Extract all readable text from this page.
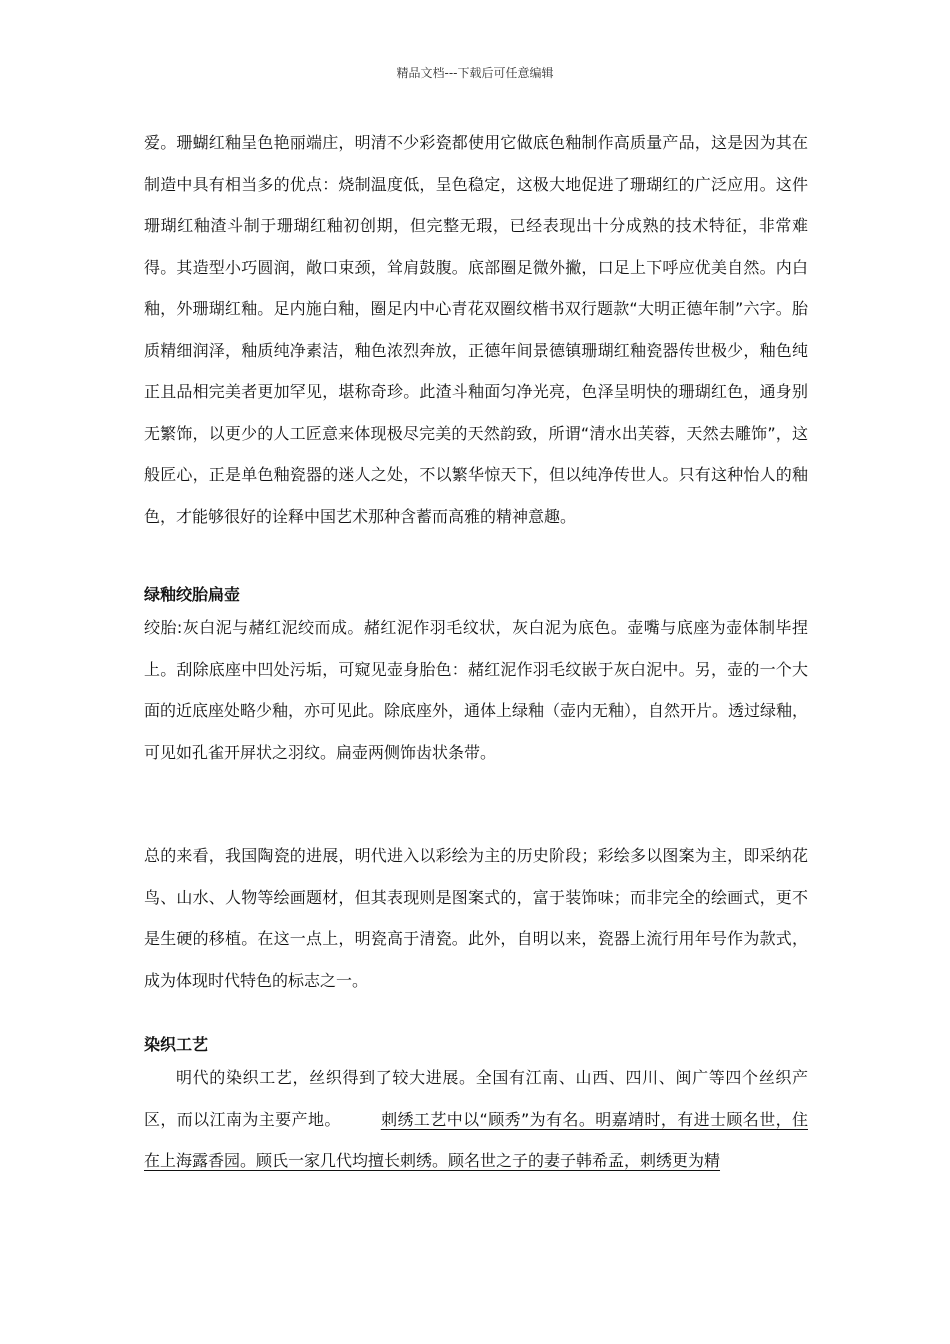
精品文档---下载后可任意编辑

爱。珊蝴红釉呈色艳丽端庄，明清不少彩瓷都使用它做底色釉制作高质量产品，这是因为其在制造中具有相当多的优点：烧制温度低，呈色稳定，这极大地促进了珊瑚红的广泛应用。这件珊瑚红釉渣斗制于珊瑚红釉初创期，但完整无瑕，已经表现出十分成熟的技术特征，非常难得。其造型小巧圆润，敞口束颈，耸肩鼓腹。底部圈足微外撇，口足上下呼应优美自然。内白釉，外珊瑚红釉。足内施白釉，圈足内中心青花双圈纹楷书双行题款“大明正德年制”六字。胎质精细润泽，釉质纯净素洁，釉色浓烈奔放，正德年间景德镇珊瑚红釉瓷器传世极少，釉色纯正且品相完美者更加罕见，堪称奇珍。此渣斗釉面匀净光亮，色泽呈明快的珊瑚红色，通身别无繁饰，以更少的人工匠意来体现极尽完美的天然韵致，所谓“清水出芙蓉，天然去雕饰”，这般匠心，正是单色釉瓷器的迷人之处，不以繁华惊天下，但以纯净传世人。只有这种怡人的釉色，才能够很好的诠释中国艺术那种含蓄而高雅的精神意趣。

绿釉绞胎扁壶

绞胎:灰白泥与赭红泥绞而成。赭红泥作羽毛纹状，灰白泥为底色。壶嘴与底座为壶体制毕捏上。刮除底座中凹处污垢，可窥见壶身胎色：赭红泥作羽毛纹嵌于灰白泥中。另，壶的一个大面的近底座处略少釉，亦可见此。除底座外，通体上绿釉（壶内无釉），自然开片。透过绿釉，可见如孔雀开屏状之羽纹。扁壶两侧饰齿状条带。

总的来看，我国陶瓷的进展，明代进入以彩绘为主的历史阶段；彩绘多以图案为主，即采纳花鸟、山水、人物等绘画题材，但其表现则是图案式的，富于装饰味；而非完全的绘画式，更不是生硬的移植。在这一点上，明瓷高于清瓷。此外，自明以来，瓷器上流行用年号作为款式，成为体现时代特色的标志之一。

染织工艺

明代的染织工艺，丝织得到了较大进展。全国有江南、山西、四川、闽广等四个丝织产区，而以江南为主要产地。	刺绣工艺中以“顾秀”为有名。明嘉靖时，有进士顾名世，住在上海露香园。顾氏一家几代均擅长刺绣。顾名世之子的妻子韩希孟，刺绣更为精
